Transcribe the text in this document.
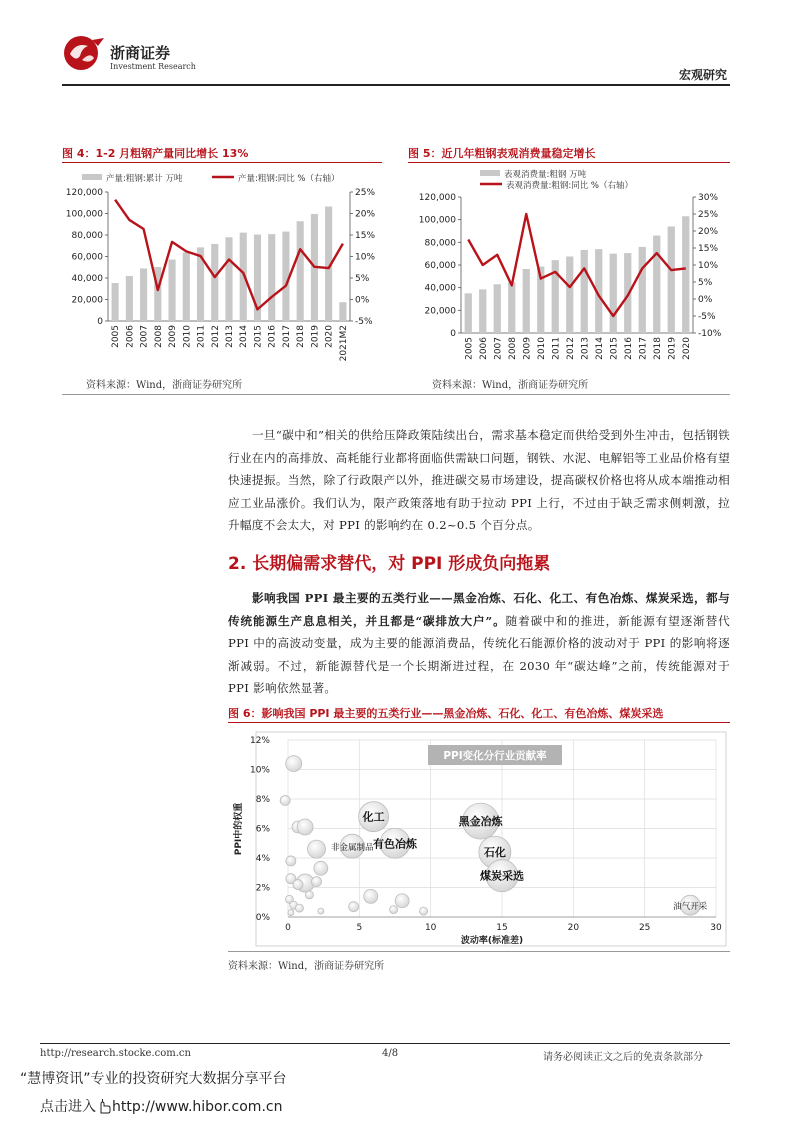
浙商证券
Investment Research
宏观研究
图 4：1-2 月粗钢产量同比增长 13%
产量:粗钢:累计 万吨	产量:粗钢:同比 %（右轴）
0
20,000
40,000
60,000
80,000
100,000
120,000
-5%
0%
5%
10%
15%
20%
25%
2005 2006 2007 2008 2009 2010 2011 2012 2013 2014 2015 2016 2017 2018 2019 2020 2021M2
资料来源：Wind，浙商证券研究所
图 5：近几年粗钢表观消费量稳定增长
表观消费量:粗钢 万吨
表观消费量:粗钢:同比 %（右轴）
0
20,000
40,000
60,000
80,000
100,000
120,000
-10%
-5%
0%
5%
10%
15%
20%
25%
30%
2005 2006 2007 2008 2009 2010 2011 2012 2013 2014 2015 2016 2017 2018 2019 2020
资料来源：Wind，浙商证券研究所
一旦“碳中和”相关的供给压降政策陆续出台，需求基本稳定而供给受到外生冲击，包括钢铁行业在内的高排放、高耗能行业都将面临供需缺口问题，钢铁、水泥、电解铝等工业品价格有望快速提振。当然，除了行政限产以外，推进碳交易市场建设，提高碳权价格也将从成本端推动相应工业品涨价。我们认为，限产政策落地有助于拉动 PPI 上行，不过由于缺乏需求侧刺激，拉升幅度不会太大，对 PPI 的影响约在 0.2~0.5 个百分点。
2. 长期偏需求替代，对 PPI 形成负向拖累
影响我国 PPI 最主要的五类行业——黑金冶炼、石化、化工、有色冶炼、煤炭采选，都与传统能源生产息息相关，并且都是“碳排放大户”。随着碳中和的推进，新能源有望逐渐替代 PPI 中的高波动变量，成为主要的能源消费品，传统化石能源价格的波动对于 PPI 的影响将逐渐减弱。不过，新能源替代是一个长期渐进过程，在 2030 年“碳达峰”之前，传统能源对于 PPI 影响依然显著。
图 6：影响我国 PPI 最主要的五类行业——黑金冶炼、石化、化工、有色冶炼、煤炭采选
0%
2%
4%
6%
8%
10%
12%
0	5	10	15	20	25	30
波动率(标准差)
PPI中的权重
PPI变化分行业贡献率
黑金冶炼
石化
化工
有色冶炼
煤炭采选
非金属制品
油气开采
资料来源：Wind，浙商证券研究所
http://research.stocke.com.cn	4/8	请务必阅读正文之后的免责条款部分
“慧博资讯”专业的投资研究大数据分享平台
点击进入 http://www.hibor.com.cn
